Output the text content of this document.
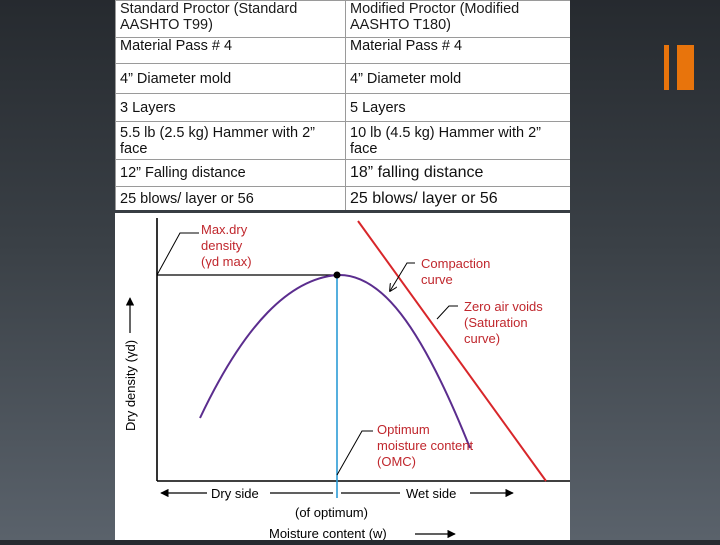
Standard Proctor (Standard AASHTO T99)	Modified Proctor (Modified AASHTO T180)
Material Pass # 4	Material Pass # 4
4” Diameter mold	4” Diameter mold
3 Layers	5 Layers
5.5 lb (2.5 kg) Hammer with 2” face	10 lb (4.5 kg) Hammer with 2” face
12” Falling distance	18” falling distance
25 blows/ layer or 56	25 blows/ layer or 56
Max.dry density (γd max)	Compaction curve
Zero air voids (Saturation curve)
Optimum moisture content (OMC)
Dry density (γd)
Dry side	Wet side
(of optimum)
Moisture content (w)
